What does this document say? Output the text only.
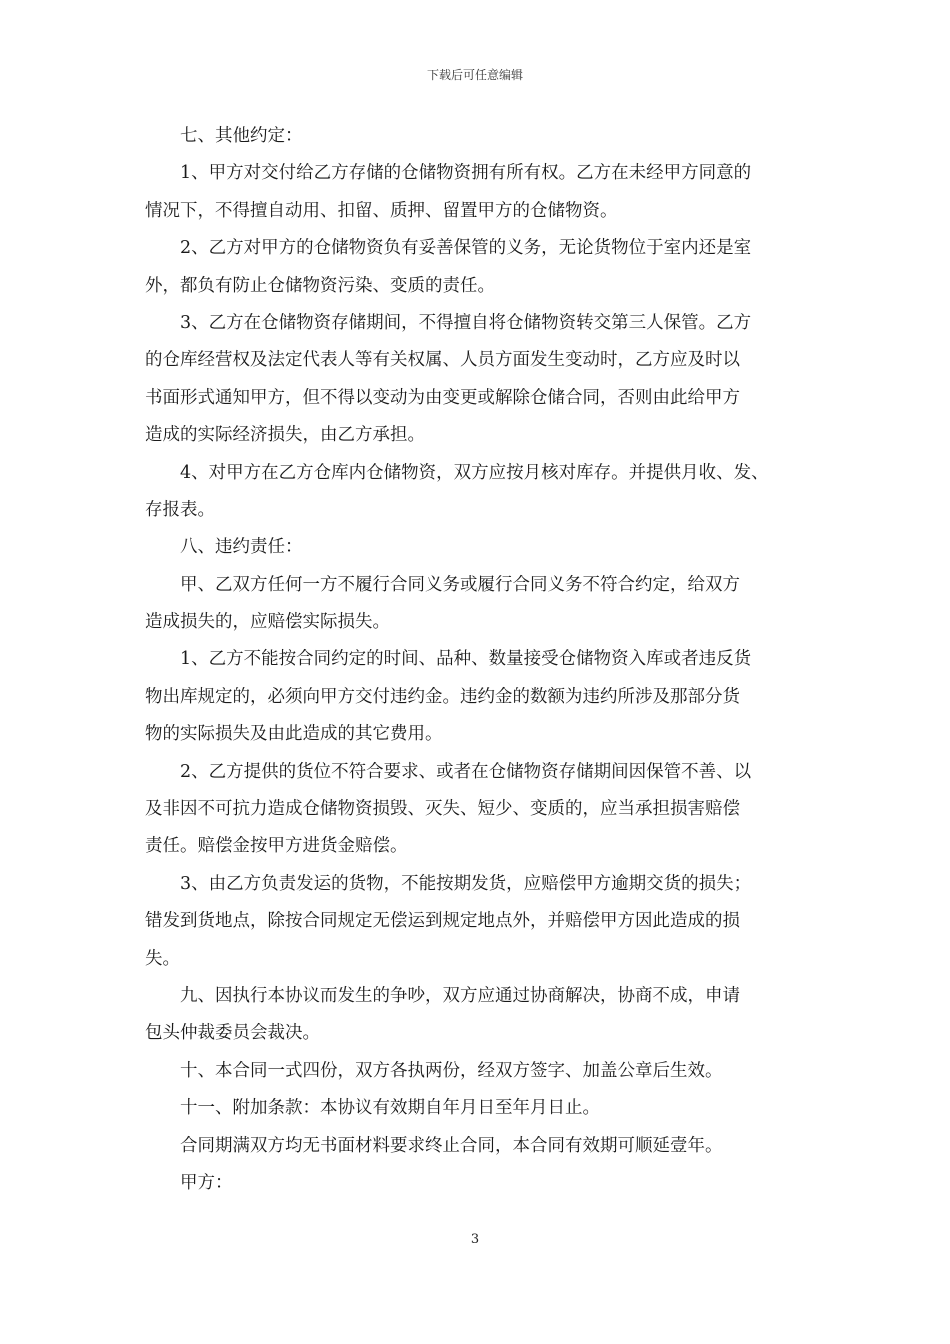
下载后可任意编辑
七、其他约定：
1、甲方对交付给乙方存储的仓储物资拥有所有权。乙方在未经甲方同意的
情况下，不得擅自动用、扣留、质押、留置甲方的仓储物资。
2、乙方对甲方的仓储物资负有妥善保管的义务，无论货物位于室内还是室
外，都负有防止仓储物资污染、变质的责任。
3、乙方在仓储物资存储期间，不得擅自将仓储物资转交第三人保管。乙方
的仓库经营权及法定代表人等有关权属、人员方面发生变动时，乙方应及时以
书面形式通知甲方，但不得以变动为由变更或解除仓储合同，否则由此给甲方
造成的实际经济损失，由乙方承担。
4、对甲方在乙方仓库内仓储物资，双方应按月核对库存。并提供月收、发、
存报表。
八、违约责任：
甲、乙双方任何一方不履行合同义务或履行合同义务不符合约定，给双方
造成损失的，应赔偿实际损失。
1、乙方不能按合同约定的时间、品种、数量接受仓储物资入库或者违反货
物出库规定的，必须向甲方交付违约金。违约金的数额为违约所涉及那部分货
物的实际损失及由此造成的其它费用。
2、乙方提供的货位不符合要求、或者在仓储物资存储期间因保管不善、以
及非因不可抗力造成仓储物资损毁、灭失、短少、变质的，应当承担损害赔偿
责任。赔偿金按甲方进货金赔偿。
3、由乙方负责发运的货物，不能按期发货，应赔偿甲方逾期交货的损失；
错发到货地点，除按合同规定无偿运到规定地点外，并赔偿甲方因此造成的损
失。
九、因执行本协议而发生的争吵，双方应通过协商解决，协商不成，申请
包头仲裁委员会裁决。
十、本合同一式四份，双方各执两份，经双方签字、加盖公章后生效。
十一、附加条款：本协议有效期自年月日至年月日止。
合同期满双方均无书面材料要求终止合同，本合同有效期可顺延壹年。
甲方：
3
